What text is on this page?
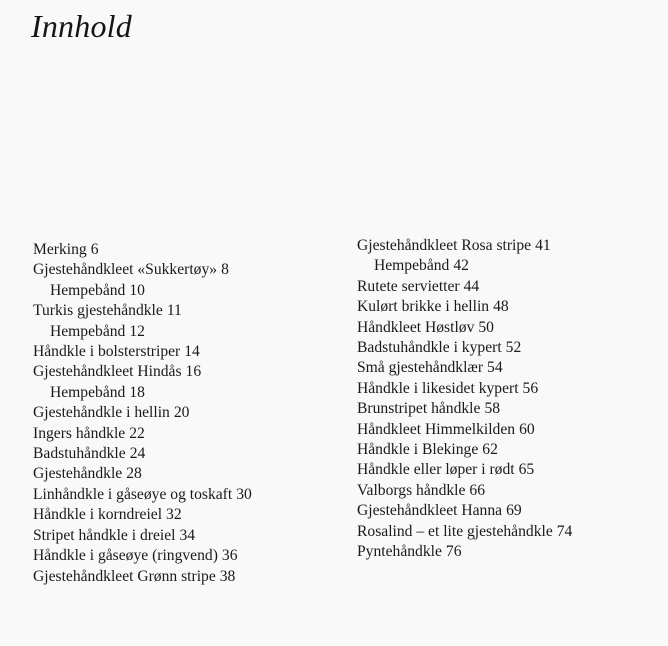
Innhold
Merking 6
Gjestehåndkleet «Sukkertøy» 8
Hempebånd 10
Turkis gjestehåndkle 11
Hempebånd 12
Håndkle i bolsterstriper 14
Gjestehåndkleet Hindås 16
Hempebånd 18
Gjestehåndkle i hellin 20
Ingers håndkle 22
Badstuhåndkle 24
Gjestehåndkle 28
Linhåndkle i gåseøye og toskaft 30
Håndkle i korndreiel 32
Stripet håndkle i dreiel 34
Håndkle i gåseøye (ringvend) 36
Gjestehåndkleet Grønn stripe 38
Gjestehåndkleet Rosa stripe 41
Hempebånd 42
Rutete servietter 44
Kulørt brikke i hellin 48
Håndkleet Høstløv 50
Badstuhåndkle i kypert 52
Små gjestehåndklær 54
Håndkle i likesidet kypert 56
Brunstripet håndkle 58
Håndkleet Himmelkilden 60
Håndkle i Blekinge 62
Håndkle eller løper i rødt 65
Valborgs håndkle 66
Gjestehåndkleet Hanna 69
Rosalind – et lite gjestehåndkle 74
Pyntehåndkle 76
